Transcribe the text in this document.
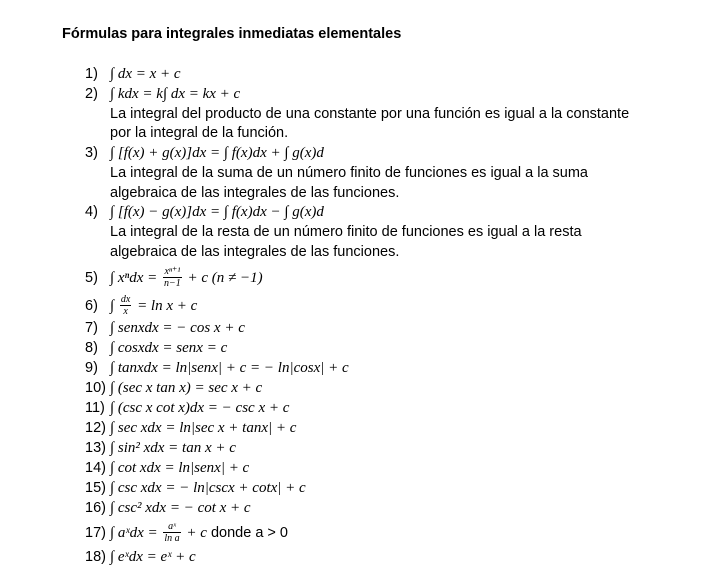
Fórmulas para integrales inmediatas elementales
1) ∫ dx = x + c
2) ∫ kdx = k∫ dx = kx + c
La integral del producto de una constante por una función es igual a la constante
por la integral de la función.
3) ∫ [f(x) + g(x)]dx = ∫ f(x)dx + ∫ g(x)d
La integral de la suma de un número finito de funciones es igual a la suma
algebraica de las integrales de las funciones.
4) ∫ [f(x) − g(x)]dx = ∫ f(x)dx − ∫ g(x)d
La integral de la resta de un número finito de funciones es igual a la resta
algebraica de las integrales de las funciones.
5) ∫ $x^ndx = \frac{\text{xⁿ⁺¹}}{n-1} + c$ (n ≠ −1)
6) ∫ $\frac{dx}{x} = \ln x + c$
7) ∫ senxdx = − cos x + c
8) ∫ cosxdx = senx = c
9) ∫ tanxdx = ln|senx| + c = − ln|cosx| + c
10) ∫ (sec x tan x) = sec x + c
11) ∫ (csc x cot x)dx = − csc x + c
12) ∫ sec xdx = ln|sec x + tanx| + c
13) ∫ sin² xdx = tan x + c
14) ∫ cot xdx = ln|senx| + c
15) ∫ csc xdx = − ln|cscx + cotx| + c
16) ∫ csc² xdx = − cot x + c
17) ∫ aˣdx = $\frac{\text{aˣ}}{\text{ln a}} + c$ donde a > 0
18) ∫ eˣdx = eˣ + c
